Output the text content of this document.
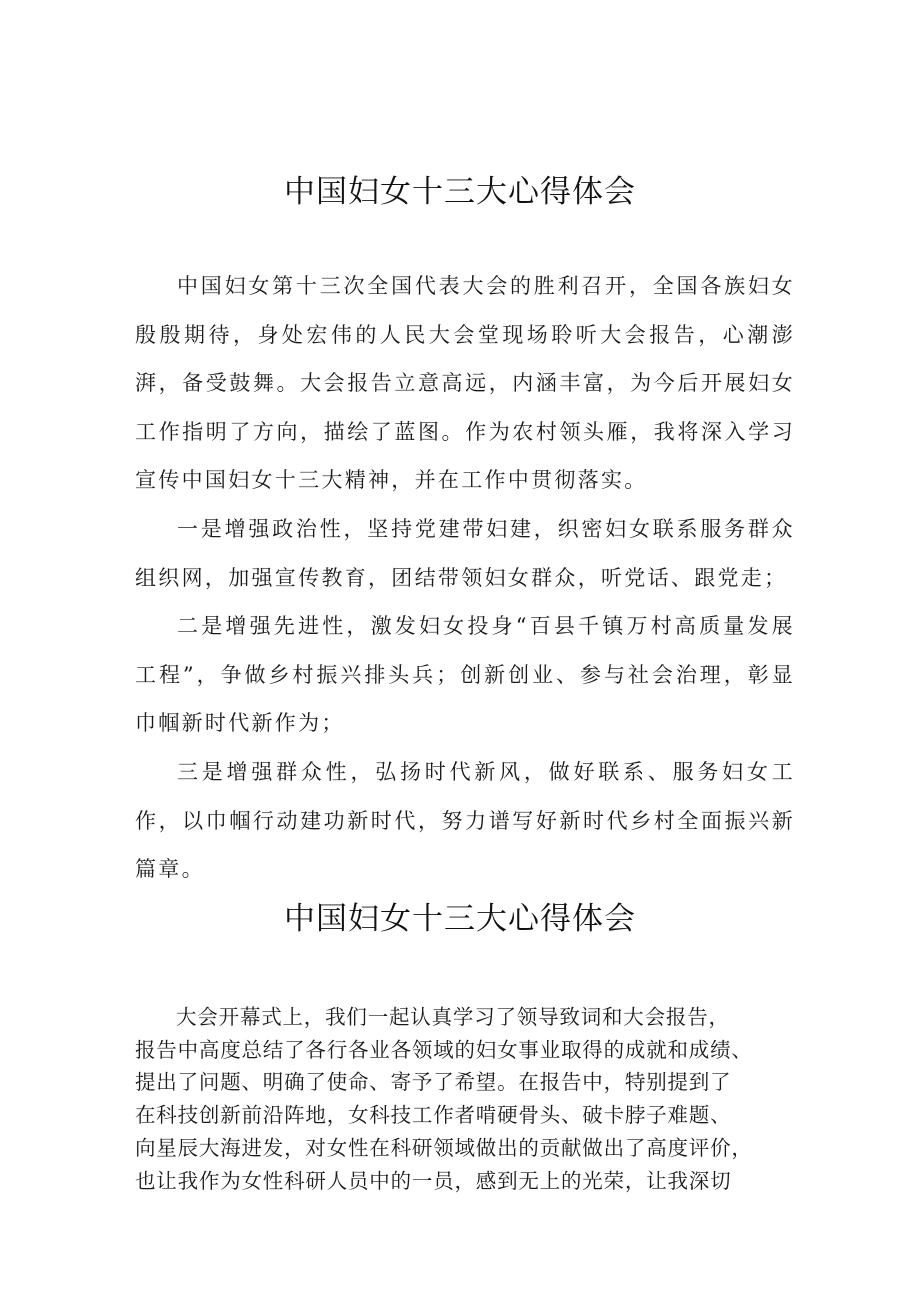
中国妇女十三大心得体会

中国妇女第十三次全国代表大会的胜利召开，全国各族妇女殷殷期待，身处宏伟的人民大会堂现场聆听大会报告，心潮澎湃，备受鼓舞。大会报告立意高远，内涵丰富，为今后开展妇女工作指明了方向，描绘了蓝图。作为农村领头雁，我将深入学习宣传中国妇女十三大精神，并在工作中贯彻落实。

一是增强政治性，坚持党建带妇建，织密妇女联系服务群众组织网，加强宣传教育，团结带领妇女群众，听党话、跟党走；

二是增强先进性，激发妇女投身“百县千镇万村高质量发展工程”，争做乡村振兴排头兵；创新创业、参与社会治理，彰显巾帼新时代新作为；

三是增强群众性，弘扬时代新风，做好联系、服务妇女工作，以巾帼行动建功新时代，努力谱写好新时代乡村全面振兴新篇章。

中国妇女十三大心得体会
大会开幕式上，我们一起认真学习了领导致词和大会报告，
报告中高度总结了各行各业各领域的妇女事业取得的成就和成绩、
提出了问题、明确了使命、寄予了希望。在报告中，特别提到了
在科技创新前沿阵地，女科技工作者啃硬骨头、破卡脖子难题、
向星辰大海进发，对女性在科研领域做出的贡献做出了高度评价，
也让我作为女性科研人员中的一员，感到无上的光荣，让我深切
